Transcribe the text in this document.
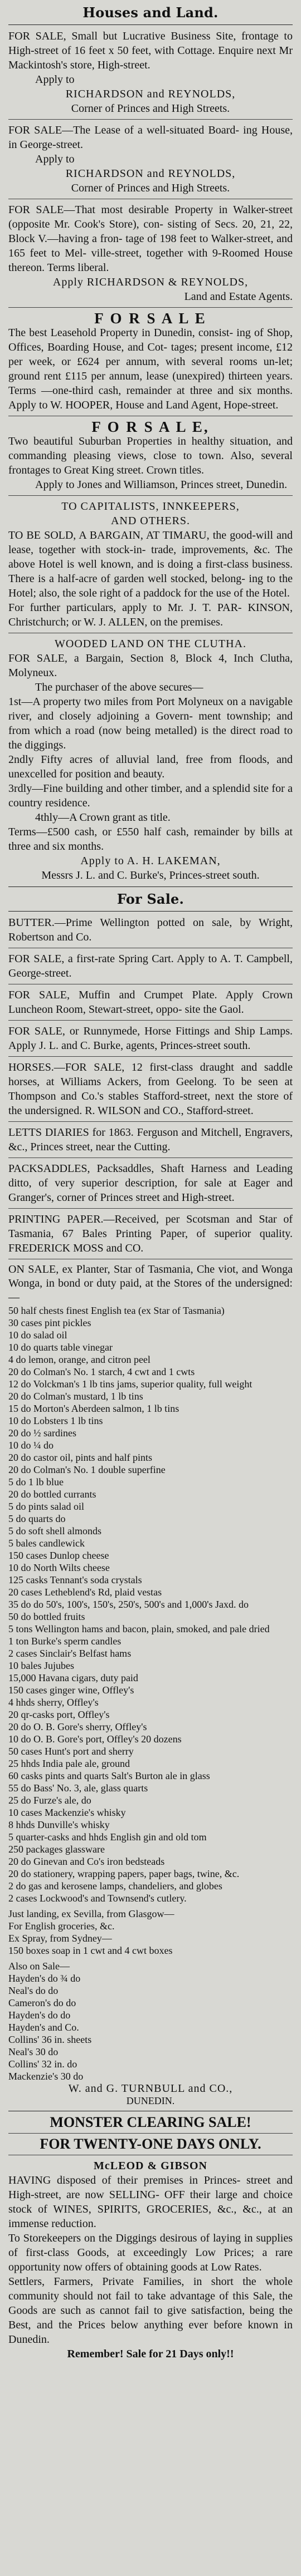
Houses and Land.

FOR SALE, Small but Lucrative Business Site, frontage to High-street of 16 feet x 50 feet, with Cottage. Enquire next Mr Mackintosh's store, High-street.

Apply to

RICHARDSON and REYNOLDS,

Corner of Princes and High Streets.

FOR SALE—The Lease of a well-situated Board- ing House, in George-street.

Apply to

RICHARDSON and REYNOLDS,

Corner of Princes and High Streets.

FOR SALE—That most desirable Property in Walker-street (opposite Mr. Cook's Store), con- sisting of Secs. 20, 21, 22, Block V.—having a fron- tage of 198 feet to Walker-street, and 165 feet to Mel- ville-street, together with 9-Roomed House thereon. Terms liberal.

Apply RICHARDSON & REYNOLDS,

Land and Estate Agents.

F O R S A L E

The best Leasehold Property in Dunedin, consist- ing of Shop, Offices, Boarding House, and Cot- tages; present income, £12 per week, or £624 per annum, with several rooms un-let; ground rent £115 per annum, lease (unexpired) thirteen years. Terms —one-third cash, remainder at three and six months. Apply to W. HOOPER, House and Land Agent, Hope-street.

F O R S A L E,

Two beautiful Suburban Properties in healthy situation, and commanding pleasing views, close to town. Also, several frontages to Great King street. Crown titles.

Apply to Jones and Williamson, Princes street, Dunedin.

TO CAPITALISTS, INNKEEPERS,

AND OTHERS.

TO BE SOLD, A BARGAIN, AT TIMARU, the good-will and lease, together with stock-in- trade, improvements, &c. The above Hotel is well known, and is doing a first-class business. There is a half-acre of garden well stocked, belong- ing to the Hotel; also, the sole right of a paddock for the use of the Hotel.

For further particulars, apply to Mr. J. T. PAR- KINSON, Christchurch; or W. J. ALLEN, on the premises.

WOODED LAND ON THE CLUTHA.

FOR SALE, a Bargain, Section 8, Block 4, Inch Clutha, Molyneux.

The purchaser of the above secures—

1st—A property two miles from Port Molyneux on a navigable river, and closely adjoining a Govern- ment township; and from which a road (now being metalled) is the direct road to the diggings.

2ndly Fifty acres of alluvial land, free from floods, and unexcelled for position and beauty.

3rdly—Fine building and other timber, and a splendid site for a country residence.

4thly—A Crown grant as title.

Terms—£500 cash, or £550 half cash, remainder by bills at three and six months.

Apply to A. H. LAKEMAN,

Messrs J. L. and C. Burke's, Princes-street south.

For Sale.

BUTTER.—Prime Wellington potted on sale, by Wright, Robertson and Co.

FOR SALE, a first-rate Spring Cart. Apply to A. T. Campbell, George-street.

FOR SALE, Muffin and Crumpet Plate. Apply Crown Luncheon Room, Stewart-street, oppo- site the Gaol.

FOR SALE, or Runnymede, Horse Fittings and Ship Lamps. Apply J. L. and C. Burke, agents, Princes-street south.

HORSES.—FOR SALE, 12 first-class draught and saddle horses, at Williams Ackers, from Geelong. To be seen at Thompson and Co.'s stables Stafford-street, next the store of the undersigned. R. WILSON and CO., Stafford-street.

LETTS DIARIES for 1863. Ferguson and Mitchell, Engravers, &c., Princes street, near the Cutting.

PACKSADDLES, Packsaddles, Shaft Harness and Leading ditto, of very superior description, for sale at Eager and Granger's, corner of Princes street and High-street.

PRINTING PAPER.—Received, per Scotsman and Star of Tasmania, 67 Bales Printing Paper, of superior quality. FREDERICK MOSS and CO.

ON SALE, ex Planter, Star of Tasmania, Che viot, and Wonga Wonga, in bond or duty paid, at the Stores of the undersigned:—

50 half chests finest English tea (ex Star of Tasmania)

30 cases pint pickles

10 do salad oil

10 do quarts table vinegar

4 do lemon, orange, and citron peel

20 do Colman's No. 1 starch, 4 cwt and 1 cwts

12 do Volckman's 1 lb tins jams, superior quality, full weight

20 do Colman's mustard, 1 lb tins

15 do Morton's Aberdeen salmon, 1 lb tins

10 do Lobsters 1 lb tins

20 do ½ sardines

10 do ¼ do

20 do castor oil, pints and half pints

20 do Colman's No. 1 double superfine

5 do 1 lb blue

20 do bottled currants

5 do pints salad oil

5 do quarts do

5 do soft shell almonds

5 bales candlewick

150 cases Dunlop cheese

10 do North Wilts cheese

125 casks Tennant's soda crystals

20 cases Letheblend's Rd, plaid vestas

35 do do 50's, 100's, 150's, 250's, 500's and 1,000's Jaxd. do

50 do bottled fruits

5 tons Wellington hams and bacon, plain, smoked, and pale dried

1 ton Burke's sperm candles

2 cases Sinclair's Belfast hams

10 bales Jujubes

15,000 Havana cigars, duty paid

150 cases ginger wine, Offley's

4 hhds sherry, Offley's

20 qr-casks port, Offley's

20 do O. B. Gore's sherry, Offley's

10 do O. B. Gore's port, Offley's 20 dozens

50 cases Hunt's port and sherry

25 hhds India pale ale, ground

60 casks pints and quarts Salt's Burton ale in glass

55 do Bass' No. 3, ale, glass quarts

25 do Furze's ale, do

10 cases Mackenzie's whisky

8 hhds Dunville's whisky

5 quarter-casks and hhds English gin and old tom

250 packages glassware

20 do Ginevan and Co's iron bedsteads

20 do stationery, wrapping papers, paper bags, twine, &c.

2 do gas and kerosene lamps, chandeliers, and globes

2 cases Lockwood's and Townsend's cutlery.

Just landing, ex Sevilla, from Glasgow—

For English groceries, &c.

Ex Spray, from Sydney—

150 boxes soap in 1 cwt and 4 cwt boxes

Also on Sale—

Hayden's do ¾ do

Neal's do do

Cameron's do do

Hayden's do do

Hayden's and Co.

Collins' 36 in. sheets

Neal's 30 do

Collins' 32 in. do

Mackenzie's 30 do

W. and G. TURNBULL and CO.,

DUNEDIN.

MONSTER CLEARING SALE!

FOR TWENTY-ONE DAYS ONLY.

McLEOD & GIBSON

HAVING disposed of their premises in Princes- street and High-street, are now SELLING- OFF their large and choice stock of WINES, SPIRITS, GROCERIES, &c., &c., at an immense reduction.

To Storekeepers on the Diggings desirous of laying in supplies of first-class Goods, at exceedingly Low Prices; a rare opportunity now offers of obtaining goods at Low Rates.

Settlers, Farmers, Private Families, in short the whole community should not fail to take advantage of this Sale, the Goods are such as cannot fail to give satisfaction, being the Best, and the Prices below anything ever before known in Dunedin.

Remember! Sale for 21 Days only!!
